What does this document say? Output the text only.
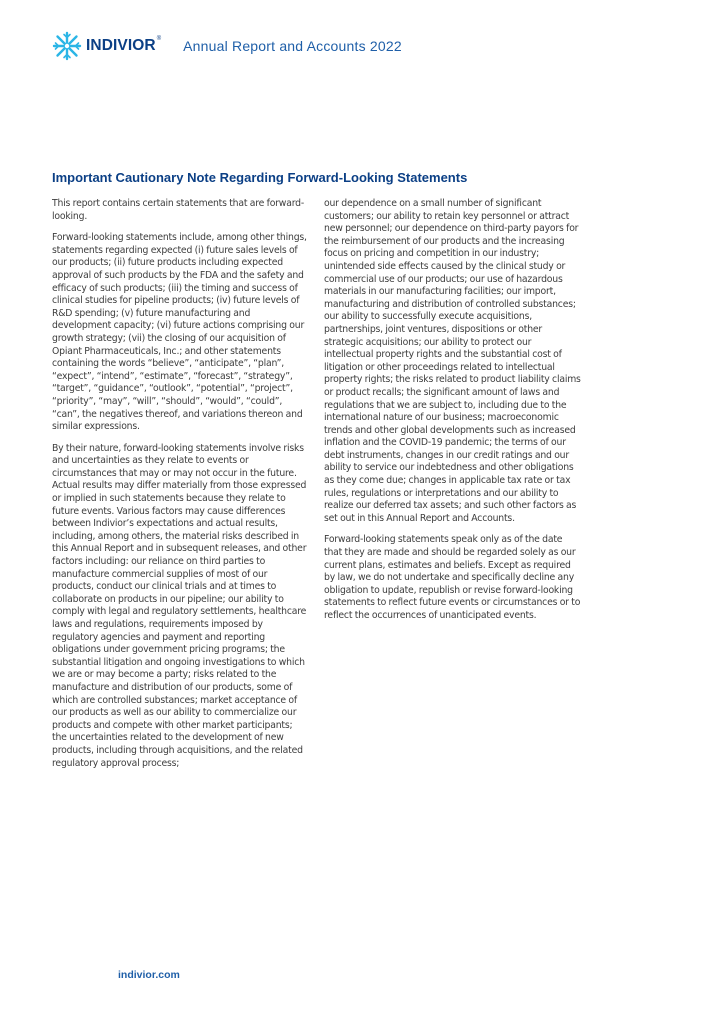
INDIVIOR ® Annual Report and Accounts 2022
Important Cautionary Note Regarding Forward-Looking Statements

This report contains certain statements that are forward-looking.

Forward-looking statements include, among other things, statements regarding expected (i) future sales levels of our products; (ii) future products including expected approval of such products by the FDA and the safety and efficacy of such products; (iii) the timing and success of clinical studies for pipeline products; (iv) future levels of R&D spending; (v) future manufacturing and development capacity; (vi) future actions comprising our growth strategy; (vii) the closing of our acquisition of Opiant Pharmaceuticals, Inc.; and other statements containing the words “believe”, “anticipate”, “plan”, “expect”, “intend”, “estimate”, “forecast”, “strategy”, “target”, “guidance”, “outlook”, “potential”, “project”, “priority”, “may”, “will”, “should”, “would”, “could”, “can”, the negatives thereof, and variations thereon and similar expressions.

By their nature, forward-looking statements involve risks and uncertainties as they relate to events or circumstances that may or may not occur in the future. Actual results may differ materially from those expressed or implied in such statements because they relate to future events. Various factors may cause differences between Indivior’s expectations and actual results, including, among others, the material risks described in this Annual Report and in subsequent releases, and other factors including: our reliance on third parties to manufacture commercial supplies of most of our products, conduct our clinical trials and at times to collaborate on products in our pipeline; our ability to comply with legal and regulatory settlements, healthcare laws and regulations, requirements imposed by regulatory agencies and payment and reporting obligations under government pricing programs; the substantial litigation and ongoing investigations to which we are or may become a party; risks related to the manufacture and distribution of our products, some of which are controlled substances; market acceptance of our products as well as our ability to commercialize our products and compete with other market participants; the uncertainties related to the development of new products, including through acquisitions, and the related regulatory approval process;

our dependence on a small number of significant customers; our ability to retain key personnel or attract new personnel; our dependence on third-party payors for the reimbursement of our products and the increasing focus on pricing and competition in our industry; unintended side effects caused by the clinical study or commercial use of our products; our use of hazardous materials in our manufacturing facilities; our import, manufacturing and distribution of controlled substances; our ability to successfully execute acquisitions, partnerships, joint ventures, dispositions or other strategic acquisitions; our ability to protect our intellectual property rights and the substantial cost of litigation or other proceedings related to intellectual property rights; the risks related to product liability claims or product recalls; the significant amount of laws and regulations that we are subject to, including due to the international nature of our business; macroeconomic trends and other global developments such as increased inflation and the COVID-19 pandemic; the terms of our debt instruments, changes in our credit ratings and our ability to service our indebtedness and other obligations as they come due; changes in applicable tax rate or tax rules, regulations or interpretations and our ability to realize our deferred tax assets; and such other factors as set out in this Annual Report and Accounts.

Forward-looking statements speak only as of the date that they are made and should be regarded solely as our current plans, estimates and beliefs. Except as required by law, we do not undertake and specifically decline any obligation to update, republish or revise forward-looking statements to reflect future events or circumstances or to reflect the occurrences of unanticipated events.

indivior.com
